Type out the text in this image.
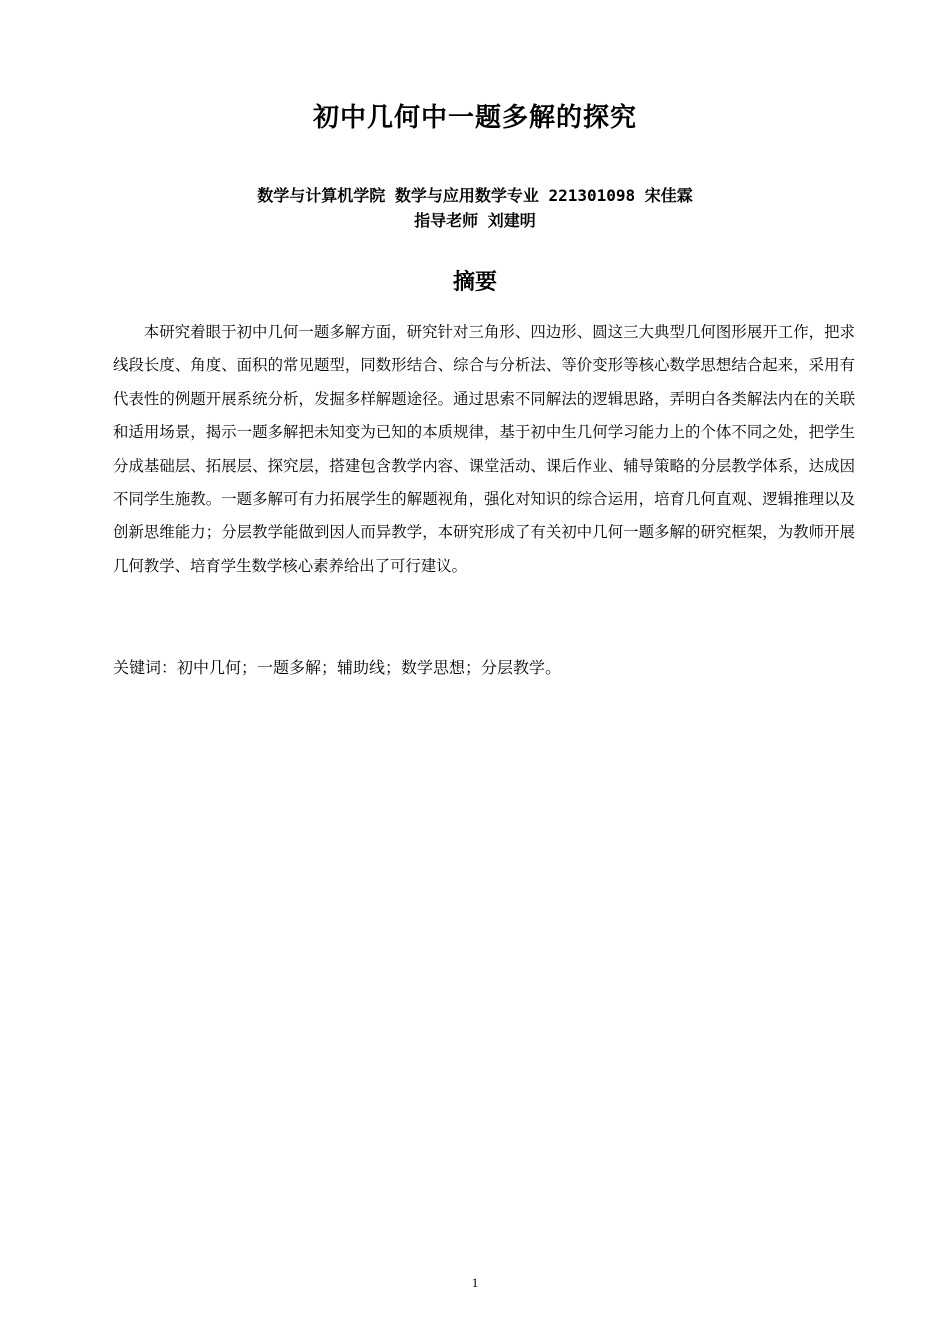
初中几何中一题多解的探究

数学与计算机学院 数学与应用数学专业 221301098 宋佳霖

指导老师 刘建明

摘要

本研究着眼于初中几何一题多解方面，研究针对三角形、四边形、圆这三大典型几何图形展开工作，把求线段长度、角度、面积的常见题型，同数形结合、综合与分析法、等价变形等核心数学思想结合起来，采用有代表性的例题开展系统分析，发掘多样解题途径。通过思索不同解法的逻辑思路，弄明白各类解法内在的关联和适用场景，揭示一题多解把未知变为已知的本质规律，基于初中生几何学习能力上的个体不同之处，把学生分成基础层、拓展层、探究层，搭建包含教学内容、课堂活动、课后作业、辅导策略的分层教学体系，达成因不同学生施教。一题多解可有力拓展学生的解题视角，强化对知识的综合运用，培育几何直观、逻辑推理以及创新思维能力；分层教学能做到因人而异教学，本研究形成了有关初中几何一题多解的研究框架，为教师开展几何教学、培育学生数学核心素养给出了可行建议。

关键词：初中几何；一题多解；辅助线；数学思想；分层教学。

1
